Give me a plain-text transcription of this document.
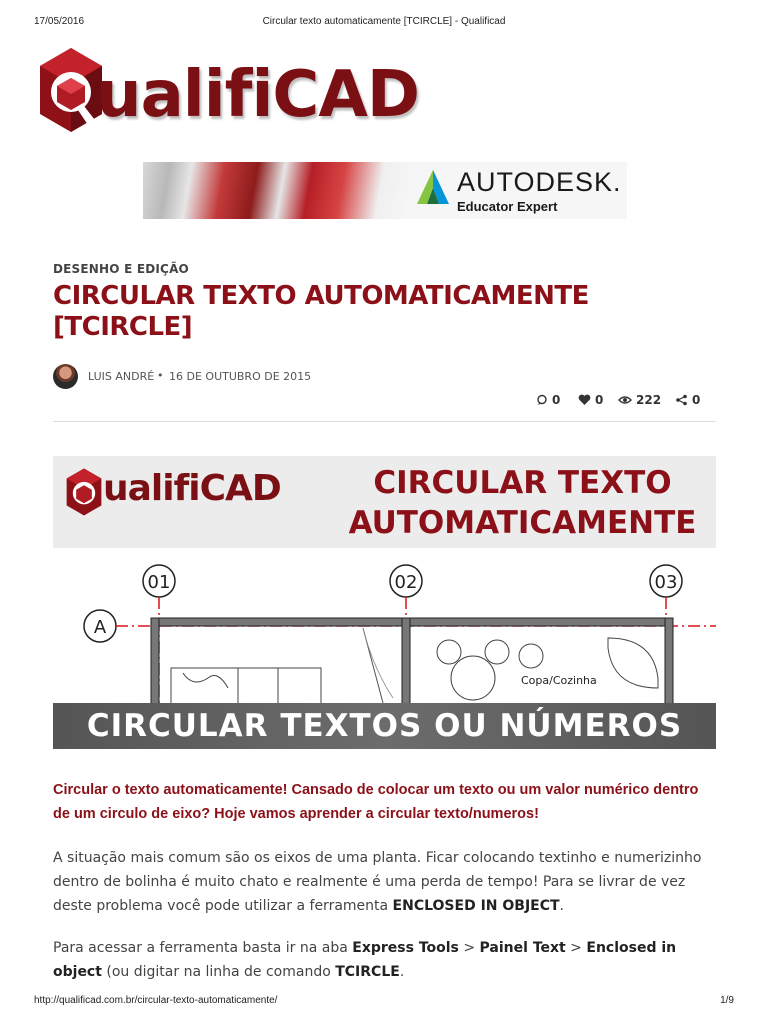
17/05/2016	Circular texto automaticamente [TCIRCLE] - Qualificad
ualifiCAD
AUTODESK.
Educator Expert
DESENHO E EDIÇÃO
CIRCULAR TEXTO AUTOMATICAMENTE [TCIRCLE]
LUIS ANDRÉ • 16 DE OUTUBRO DE 2015
0	0	222	0
ualifiCAD	CIRCULAR TEXTO
AUTOMATICAMENTE
01	02	03
A
Copa/Cozinha
CIRCULAR TEXTOS OU NÚMEROS
Circular o texto automaticamente! Cansado de colocar um texto ou um valor numérico dentro de um circulo de eixo? Hoje vamos aprender a circular texto/numeros!
A situação mais comum são os eixos de uma planta. Ficar colocando textinho e numerizinho dentro de bolinha é muito chato e realmente é uma perda de tempo! Para se livrar de vez deste problema você pode utilizar a ferramenta ENCLOSED IN OBJECT.
Para acessar a ferramenta basta ir na aba Express Tools > Painel Text > Enclosed in object (ou digitar na linha de comando TCIRCLE.
http://qualificad.com.br/circular-texto-automaticamente/	1/9
